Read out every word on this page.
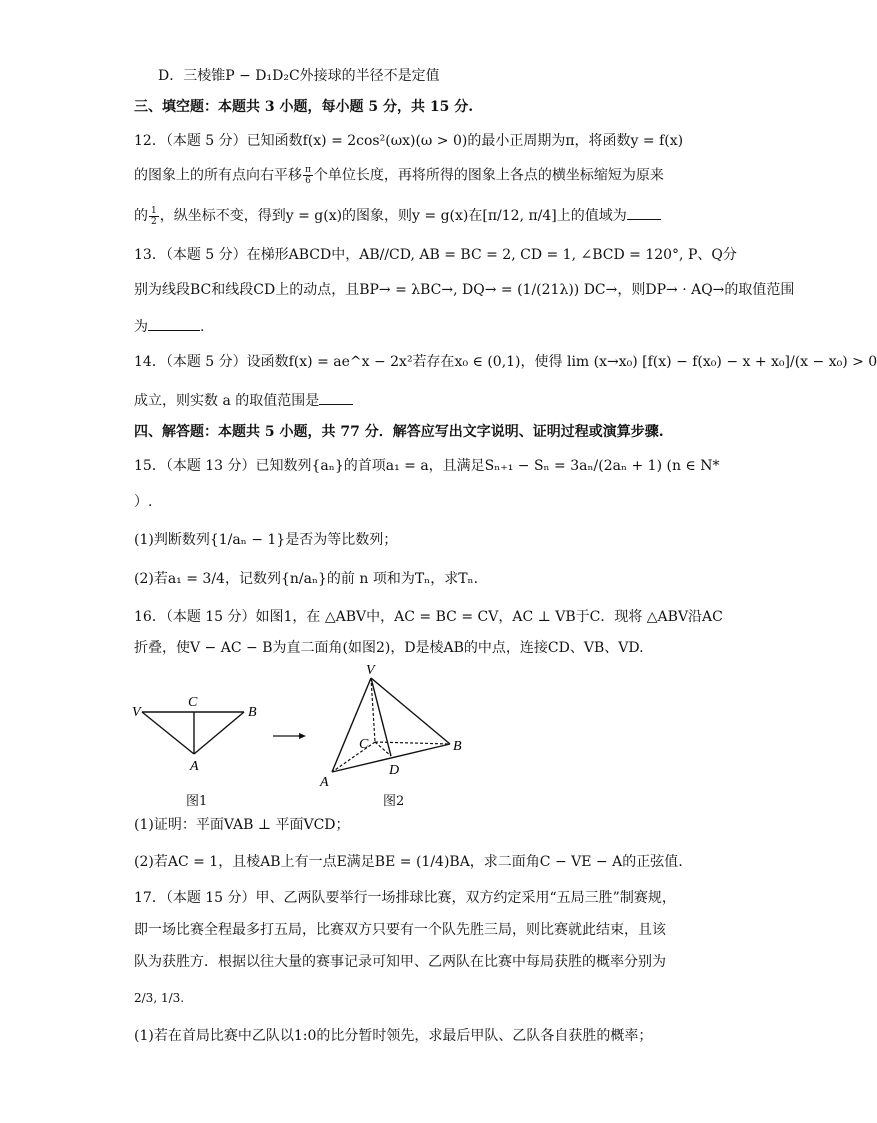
D．三棱锥P − D₁D₂C外接球的半径不是定值
三、填空题：本题共 3 小题，每小题 5 分，共 15 分.
12．（本题 5 分）已知函数f(x) = 2cos²(ωx)(ω > 0)的最小正周期为π，将函数y = f(x)
的图象上的所有点向右平移 $\frac{\pi}{6}$ 个单位长度，再将所得的图象上各点的横坐标缩短为原来
的 $\frac{1}{2}$ ，纵坐标不变，得到y = g(x)的图象，则y = g(x)在[π/12, π/4]上的值域为
13．（本题 5 分）在梯形ABCD中，AB//CD, AB = BC = 2, CD = 1, ∠BCD = 120°, P、Q分
别为线段BC和线段CD上的动点，且BP→ = λBC→, DQ→ = (1/(21λ)) DC→，则DP→ · AQ→的取值范围
为	.
14．（本题 5 分）设函数f(x) = ae^x − 2x²若存在x₀ ∈ (0,1)，使得 lim (x→x₀) [f(x) − f(x₀) − x + x₀]/(x − x₀) > 0
成立，则实数 a 的取值范围是
四、解答题：本题共 5 小题，共 77 分．解答应写出文字说明、证明过程或演算步骤.
15．（本题 13 分）已知数列{aₙ}的首项a₁ = a，且满足Sₙ₊₁ − Sₙ = 3aₙ/(2aₙ + 1) (n ∈ N*
）.
(1)判断数列{1/aₙ − 1}是否为等比数列；
(2)若a₁ = 3/4，记数列{n/aₙ}的前 n 项和为Tₙ，求Tₙ.
16．（本题 15 分）如图1，在 △ABV中，AC = BC = CV，AC ⊥ VB于C．现将 △ABV沿AC
折叠，使V − AC − B为直二面角(如图2)，D是棱AB的中点，连接CD、VB、VD.
V
C
B
A
V
C	B
A
D
图1	图2
(1)证明：平面VAB ⊥ 平面VCD；
(2)若AC = 1，且棱AB上有一点E满足BE = (1/4)BA，求二面角C − VE − A的正弦值.
17．（本题 15 分）甲、乙两队要举行一场排球比赛，双方约定采用“五局三胜”制赛规，
即一场比赛全程最多打五局，比赛双方只要有一个队先胜三局，则比赛就此结束，且该
队为获胜方．根据以往大量的赛事记录可知甲、乙两队在比赛中每局获胜的概率分别为
2/3, 1/3.
(1)若在首局比赛中乙队以1:0的比分暂时领先，求最后甲队、乙队各自获胜的概率；
